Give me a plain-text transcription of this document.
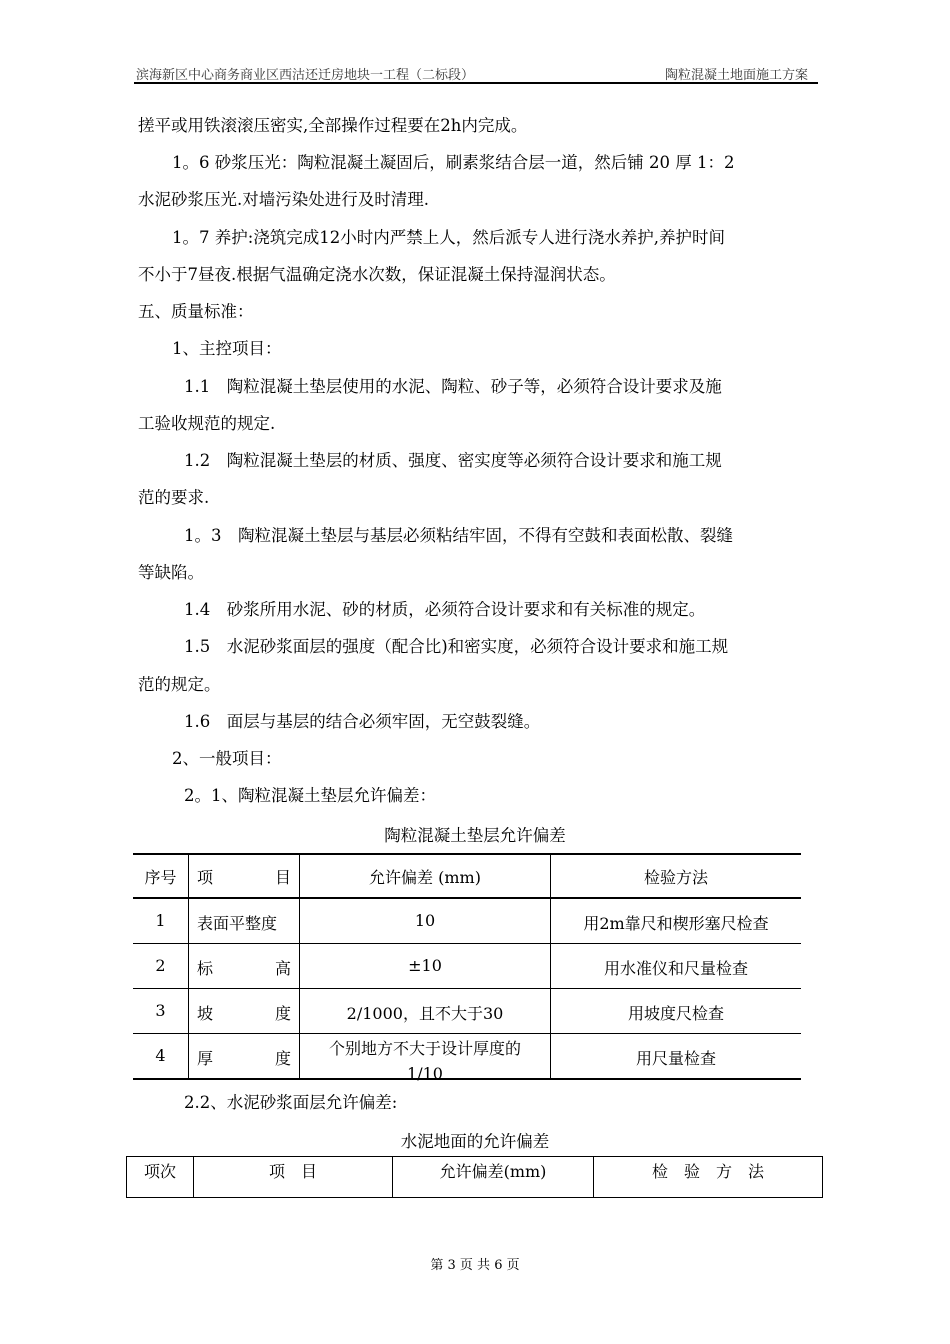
滨海新区中心商务商业区西沽还迁房地块一工程（二标段）	陶粒混凝土地面施工方案
搓平或用铁滚滚压密实,全部操作过程要在2h内完成。
1。6 砂浆压光：陶粒混凝土凝固后，刷素浆结合层一道，然后铺 20 厚 1：2
水泥砂浆压光.对墙污染处进行及时清理.
1。7 养护:浇筑完成12小时内严禁上人，然后派专人进行浇水养护,养护时间
不小于7昼夜.根据气温确定浇水次数，保证混凝土保持湿润状态。
五、质量标准：
1、主控项目：
1.1　陶粒混凝土垫层使用的水泥、陶粒、砂子等，必须符合设计要求及施
工验收规范的规定.
1.2　陶粒混凝土垫层的材质、强度、密实度等必须符合设计要求和施工规
范的要求.
1。3　陶粒混凝土垫层与基层必须粘结牢固，不得有空鼓和表面松散、裂缝
等缺陷。
1.4　砂浆所用水泥、砂的材质，必须符合设计要求和有关标准的规定。
1.5　水泥砂浆面层的强度（配合比)和密实度，必须符合设计要求和施工规
范的规定。
1.6　面层与基层的结合必须牢固，无空鼓裂缝。
2、一般项目：
2。1、陶粒混凝土垫层允许偏差：
陶粒混凝土垫层允许偏差
序号	项 目	允许偏差 (mm)	检验方法

1	表面平整度	10	用2m靠尺和楔形塞尺检查

2	标 高	±10	用水准仪和尺量检查

3	坡 度	2/1000，且不大于30	用坡度尺检查

4	厚 度	个别地方不大于设计厚度的
1/10	用尺量检查
2.2、水泥砂浆面层允许偏差:
水泥地面的允许偏差
项次	项　目	允许偏差(mm)	检　验　方　法
第 3 页 共 6 页
